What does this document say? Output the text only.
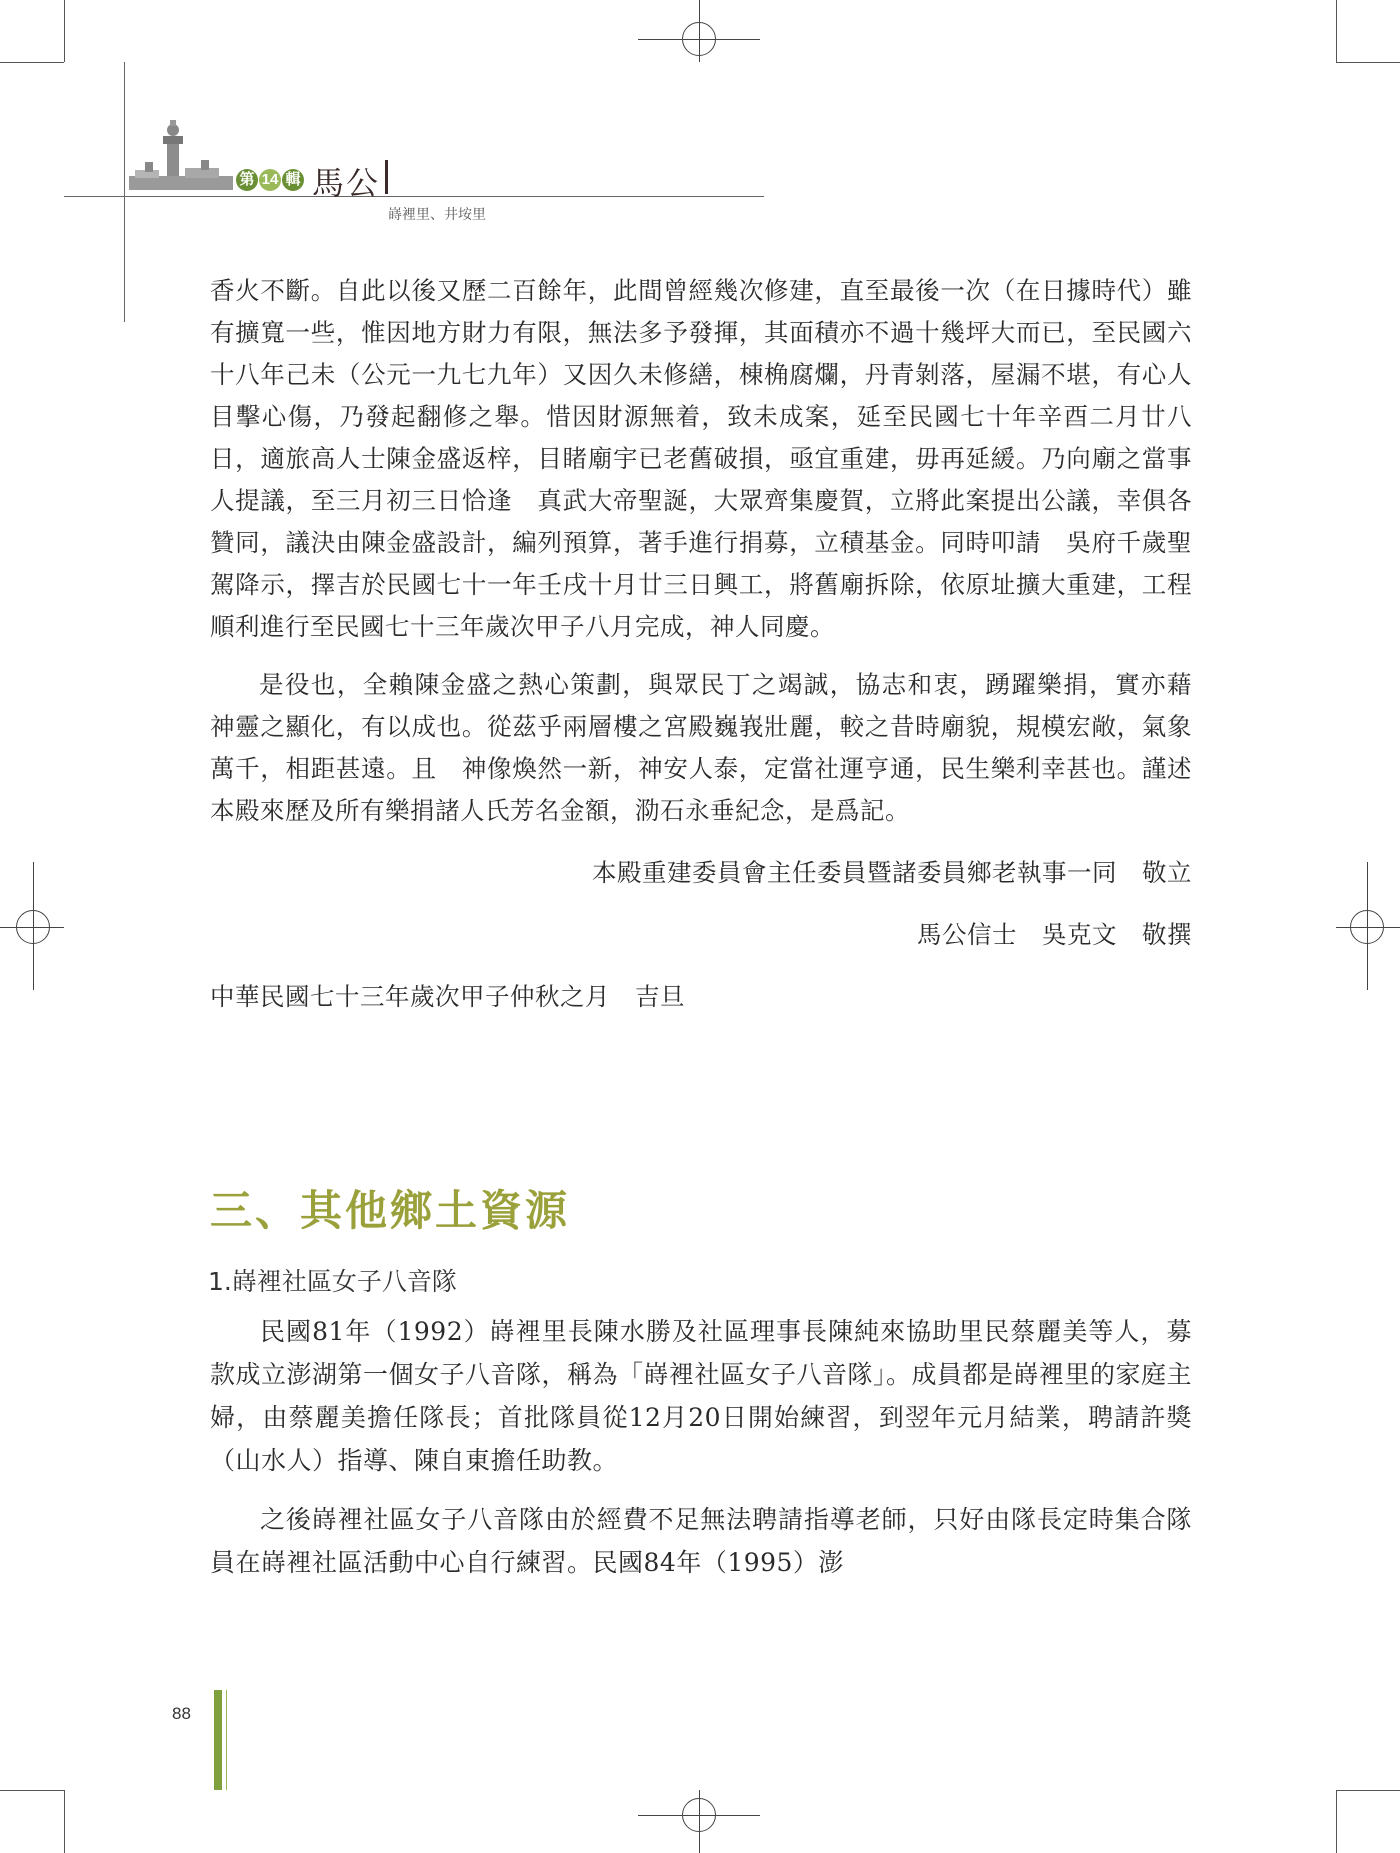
第 14 輯 馬公
嵵裡里、井垵里

香火不斷。自此以後又歷二百餘年，此間曾經幾次修建，直至最後一次（在日據時代）雖有擴寬一些，惟因地方財力有限，無法多予發揮，其面積亦不過十幾坪大而已，至民國六十八年己未（公元一九七九年）又因久未修繕，棟桷腐爛，丹青剝落，屋漏不堪，有心人目擊心傷，乃發起翻修之舉。惜因財源無着，致未成案，延至民國七十年辛酉二月廿八日，適旅高人士陳金盛返梓，目睹廟宇已老舊破損，亟宜重建，毋再延緩。乃向廟之當事人提議，至三月初三日恰逢　真武大帝聖誕，大眾齊集慶賀，立將此案提出公議，幸俱各贊同，議決由陳金盛設計，編列預算，著手進行捐募，立積基金。同時叩請　吳府千歲聖駕降示，擇吉於民國七十一年壬戌十月廿三日興工，將舊廟拆除，依原址擴大重建，工程順利進行至民國七十三年歲次甲子八月完成，神人同慶。

是役也，全賴陳金盛之熱心策劃，與眾民丁之竭誠，協志和衷，踴躍樂捐，實亦藉　神靈之顯化，有以成也。從茲乎兩層樓之宮殿巍峩壯麗，較之昔時廟貌，規模宏敞，氣象萬千，相距甚遠。且　神像煥然一新，神安人泰，定當社運亨通，民生樂利幸甚也。謹述本殿來歷及所有樂捐諸人氏芳名金額，泐石永垂紀念，是爲記。

本殿重建委員會主任委員暨諸委員鄉老執事一同　敬立

馬公信士　吳克文　敬撰

中華民國七十三年歲次甲子仲秋之月　吉旦

三、其他鄉土資源
1.嵵裡社區女子八音隊

民國81年（1992）嵵裡里長陳水勝及社區理事長陳純來協助里民蔡麗美等人，募款成立澎湖第一個女子八音隊，稱為「嵵裡社區女子八音隊」。成員都是嵵裡里的家庭主婦，由蔡麗美擔任隊長；首批隊員從12月20日開始練習，到翌年元月結業，聘請許獎（山水人）指導、陳自東擔任助教。

之後嵵裡社區女子八音隊由於經費不足無法聘請指導老師，只好由隊長定時集合隊員在嵵裡社區活動中心自行練習。民國84年（1995）澎

88
